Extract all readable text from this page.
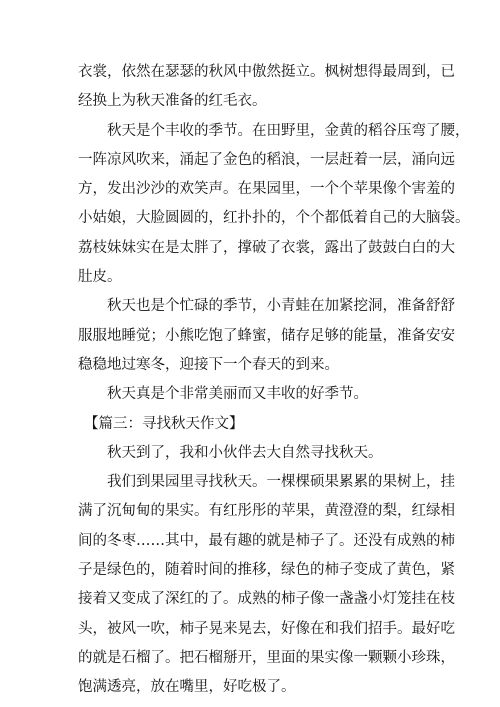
衣裳，依然在瑟瑟的秋风中傲然挺立。枫树想得最周到，已
经换上为秋天准备的红毛衣。
秋天是个丰收的季节。在田野里，金黄的稻谷压弯了腰，
一阵凉风吹来，涌起了金色的稻浪，一层赶着一层，涌向远
方，发出沙沙的欢笑声。在果园里，一个个苹果像个害羞的
小姑娘，大脸圆圆的，红扑扑的，个个都低着自己的大脑袋。
荔枝妹妹实在是太胖了，撑破了衣裳，露出了鼓鼓白白的大
肚皮。
秋天也是个忙碌的季节，小青蛙在加紧挖洞，准备舒舒
服服地睡觉；小熊吃饱了蜂蜜，储存足够的能量，准备安安
稳稳地过寒冬，迎接下一个春天的到来。
秋天真是个非常美丽而又丰收的好季节。
【篇三：寻找秋天作文】
秋天到了，我和小伙伴去大自然寻找秋天。
我们到果园里寻找秋天。一棵棵硕果累累的果树上，挂
满了沉甸甸的果实。有红彤彤的苹果，黄澄澄的梨，红绿相
间的冬枣……其中，最有趣的就是柿子了。还没有成熟的柿
子是绿色的，随着时间的推移，绿色的柿子变成了黄色，紧
接着又变成了深红的了。成熟的柿子像一盏盏小灯笼挂在枝
头，被风一吹，柿子晃来晃去，好像在和我们招手。最好吃
的就是石榴了。把石榴掰开，里面的果实像一颗颗小珍珠，
饱满透亮，放在嘴里，好吃极了。
